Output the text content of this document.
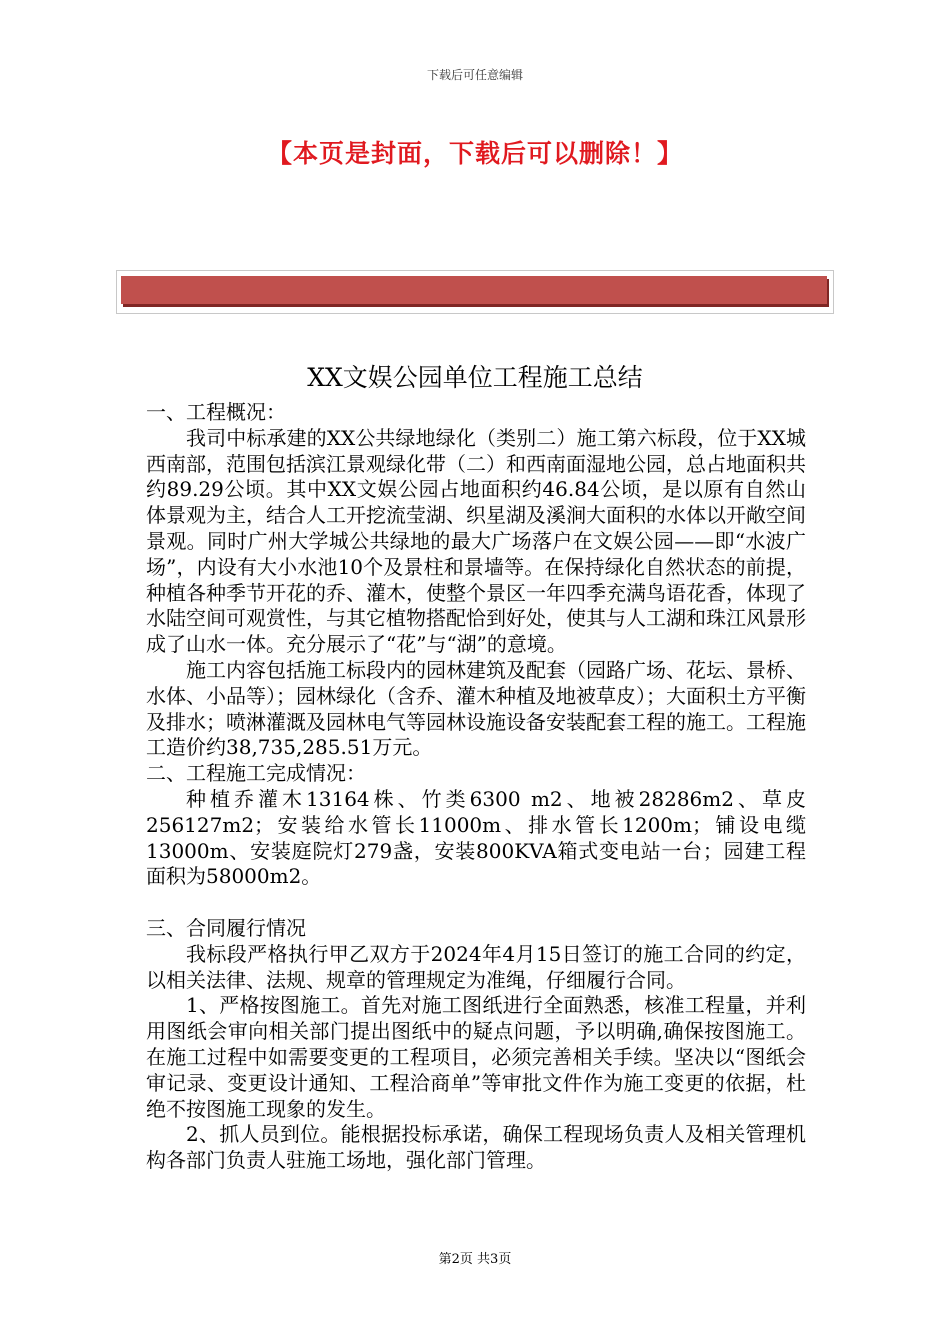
下载后可任意编辑
【本页是封面，下载后可以删除！】
XX文娱公园单位工程施工总结

一、工程概况：

我司中标承建的XX公共绿地绿化（类别二）施工第六标段，位于XX城西南部，范围包括滨江景观绿化带（二）和西南面湿地公园，总占地面积共约89.29公顷。其中XX文娱公园占地面积约46.84公顷，是以原有自然山体景观为主，结合人工开挖流莹湖、织星湖及溪涧大面积的水体以开敞空间景观。同时广州大学城公共绿地的最大广场落户在文娱公园——即“水波广场”，内设有大小水池10个及景柱和景墙等。在保持绿化自然状态的前提，种植各种季节开花的乔、灌木，使整个景区一年四季充满鸟语花香，体现了水陆空间可观赏性，与其它植物搭配恰到好处，使其与人工湖和珠江风景形成了山水一体。充分展示了“花”与“湖”的意境。

施工内容包括施工标段内的园林建筑及配套（园路广场、花坛、景桥、水体、小品等）；园林绿化（含乔、灌木种植及地被草皮）；大面积土方平衡及排水；喷淋灌溉及园林电气等园林设施设备安装配套工程的施工。工程施工造价约38,735,285.51万元。

二、工程施工完成情况：

种植乔灌木13164株、竹类6300 m2、地被28286m2、草皮256127m2；安装给水管长11000m、排水管长1200m；铺设电缆13000m、安装庭院灯279盏，安装800KVA箱式变电站一台；园建工程面积为58000m2。

三、合同履行情况

我标段严格执行甲乙双方于2024年4月15日签订的施工合同的约定，以相关法律、法规、规章的管理规定为准绳，仔细履行合同。

1、严格按图施工。首先对施工图纸进行全面熟悉，核准工程量，并利用图纸会审向相关部门提出图纸中的疑点问题，予以明确,确保按图施工。在施工过程中如需要变更的工程项目，必须完善相关手续。坚决以“图纸会审记录、变更设计通知、工程洽商单”等审批文件作为施工变更的依据，杜绝不按图施工现象的发生。

2、抓人员到位。能根据投标承诺，确保工程现场负责人及相关管理机构各部门负责人驻施工场地，强化部门管理。

第2页 共3页
